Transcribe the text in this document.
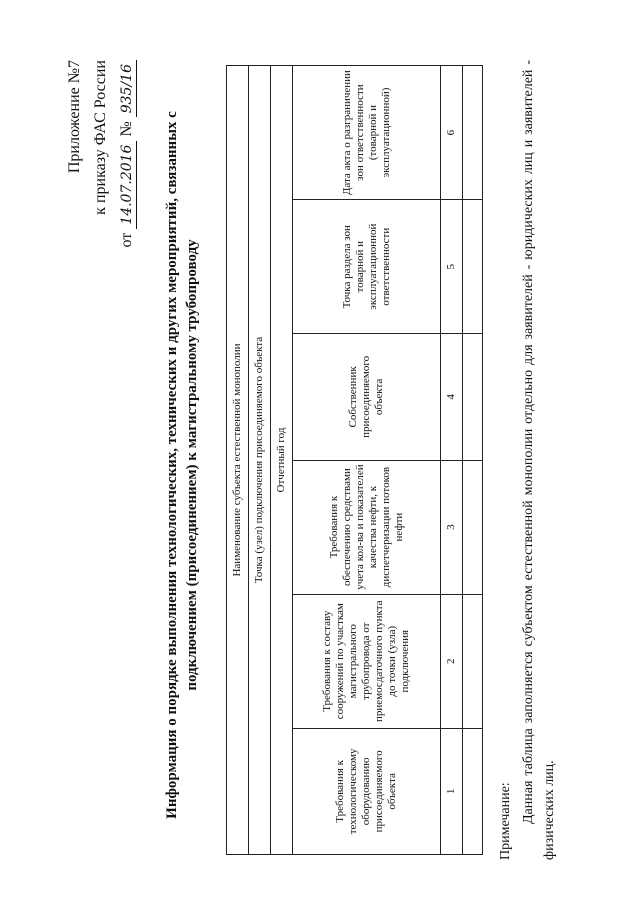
Приложение №7 к приказу ФАС России
от 14.07.2016 № 935/16
Информация о порядке выполнения технологических, технических и других мероприятий, связанных с подключением (присоединением) к магистральному трубопроводу	Наименование субъекта естественной монополии					
Точка (узел) подключения присоединяемого объекта					
Отчетный год					
Требования к технологическому оборудованию присоединяемого объекта	Требования к составу сооружений по участкам магистрального трубопровода от приемосдаточного пункта до точки (узла) подключения	Требования к обеспечению средствами учета кол-ва и показателей качества нефти, к диспетчеризации потоков нефти	Собственник присоединяемого объекта	Точка раздела зон товарной и эксплуатационной ответственности	Дата акта о разграничении зон ответственности (товарной и эксплуатационной)
1	2	3	4	5	6

Примечание: Данная таблица заполняется субъектом естественной монополии отдельно для заявителей - юридических лиц и заявителей - физических лиц.
